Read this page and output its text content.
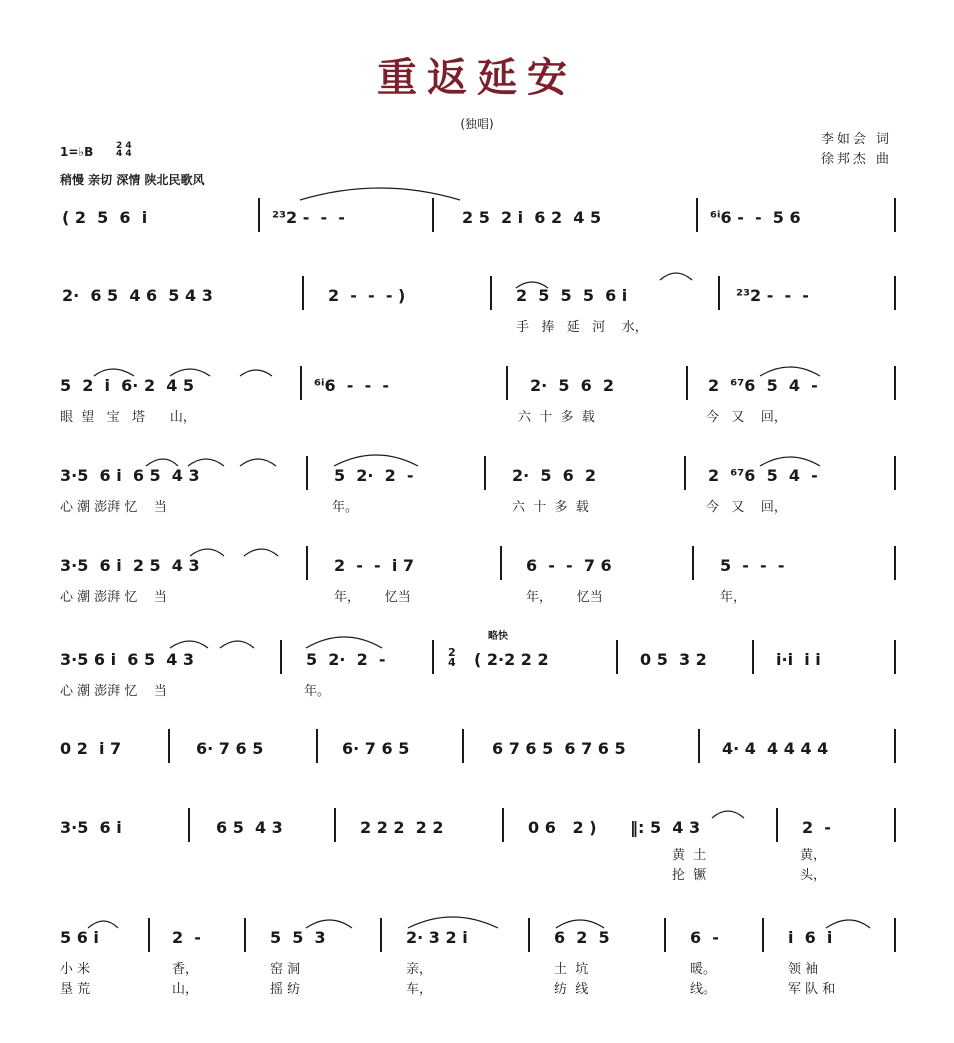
重返延安
(独唱)
李如会 词
徐邦杰 曲
1=♭B	2 4
4 4
稍慢 亲切 深情 陕北民歌风
( 2  5  6  i	²³2 -  -  -	2 5  2 i  6 2  4 5	⁶ⁱ6 -  -  5 6
2·  6 5  4 6  5 4 3	2  -  -  - )	2  5  5  5  6 i
手   捧   延   河    水，
²³2 -  -  -
5  2  i  6· 2  4 5
眼  望   宝   塔      山，
⁶ⁱ6  -  -  -	2·  5  6  2
六  十  多  载
2  ⁶⁷6  5  4  -
今   又    回，
3·5  6 i  6 5  4 3
心 潮 澎湃 忆    当
5  2·  2  -
年。
2·  5  6  2
六  十  多  载
2  ⁶⁷6  5  4  -
今   又    回，
3·5  6 i  2 5  4 3
心 潮 澎湃 忆    当
2  -  -  i 7
年，      忆当
6  -  -  7 6
年，      忆当
5  -  -  -
年，
3·5 6 i  6 5  4 3
心 潮 澎湃 忆    当
5  2·  2  -
年。
略快
2
4 ( 2·2 2 2	0 5  3 2	i·i  i i
0 2  i 7	6· 7 6 5	6· 7 6 5	6 7 6 5  6 7 6 5	4· 4  4 4 4 4
3·5  6 i	6 5  4 3	2 2 2  2 2	0 6   2 ) ‖: 5  4 3
黄  土
抡  镢
2  -
黄，
头，
5 6 i
小 米
垦 荒
2  -
香，
山，
5  5  3
窑 洞
摇 纺
2· 3 2 i
亲，
车，
6  2  5
土  坑
纺  线
6  -
暖。
线。
i  6  i
领 袖
军 队 和
